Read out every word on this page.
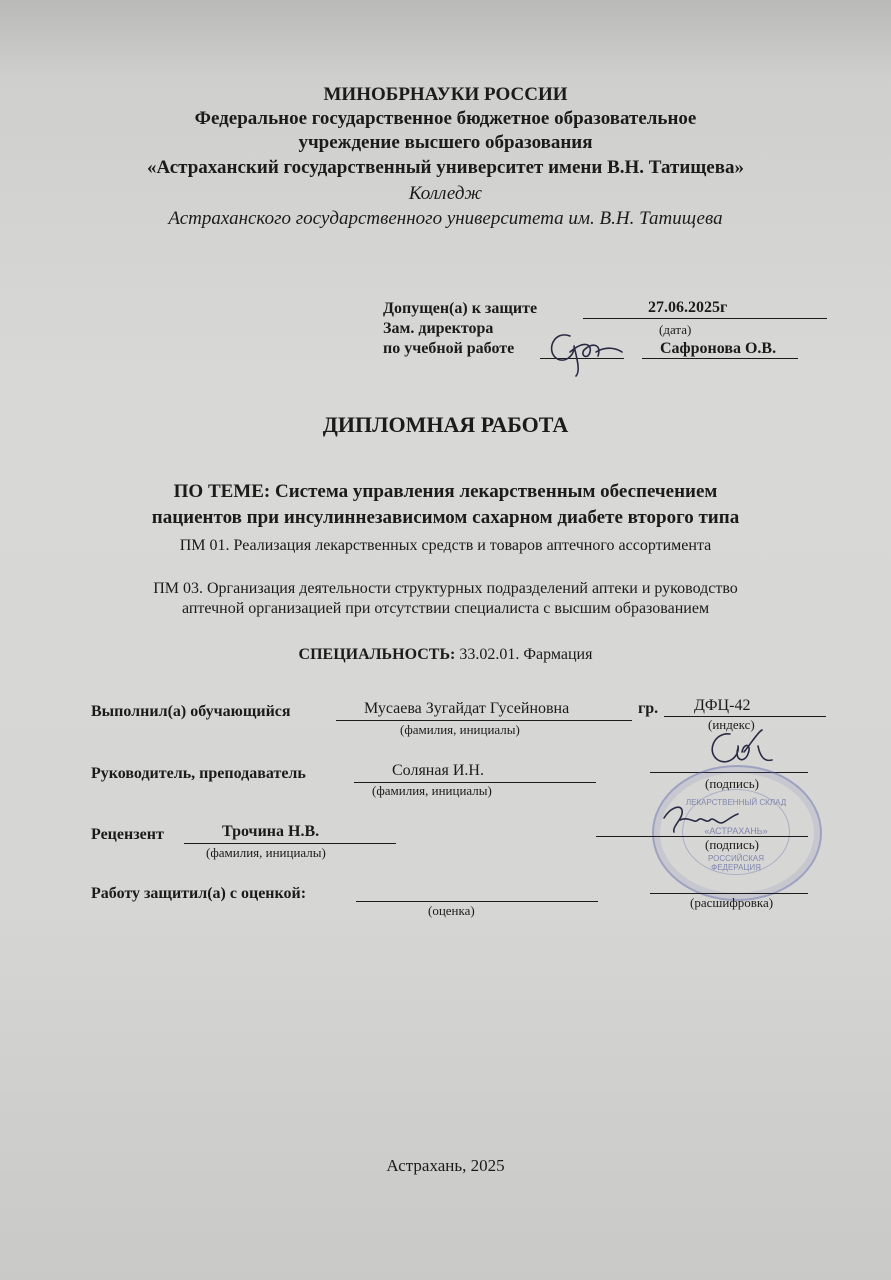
МИНОБРНАУКИ РОССИИ
Федеральное государственное бюджетное образовательное
учреждение высшего образования
«Астраханский государственный университет имени В.Н. Татищева»
Колледж
Астраханского государственного университета им. В.Н. Татищева
Допущен(а) к защите	27.06.2025г
Зам. директора	(дата)
по учебной работе	Сафронова О.В.
ДИПЛОМНАЯ РАБОТА
ПО ТЕМЕ: Система управления лекарственным обеспечением
пациентов при инсулиннезависимом сахарном диабете второго типа
ПМ 01. Реализация лекарственных средств и товаров аптечного ассортимента
ПМ 03. Организация деятельности структурных подразделений аптеки и руководство
аптечной организацией при отсутствии специалиста с высшим образованием
СПЕЦИАЛЬНОСТЬ: 33.02.01. Фармация
Выполнил(а) обучающийся	Мусаева Зугайдат Гусейновна	гр. ДФЦ-42
(фамилия, инициалы)	(индекс)
Руководитель, преподаватель	Соляная И.Н.
(фамилия, инициалы)	(подпись)
ЛЕКАРСТВЕННЫЙ СКЛАД
«АСТРАХАНЬ»
РОССИЙСКАЯ ФЕДЕРАЦИЯ
Рецензент	Трочина Н.В.
(фамилия, инициалы)
(подпись)
Работу защитил(а) с оценкой:
(оценка)
(расшифровка)
Астрахань, 2025
